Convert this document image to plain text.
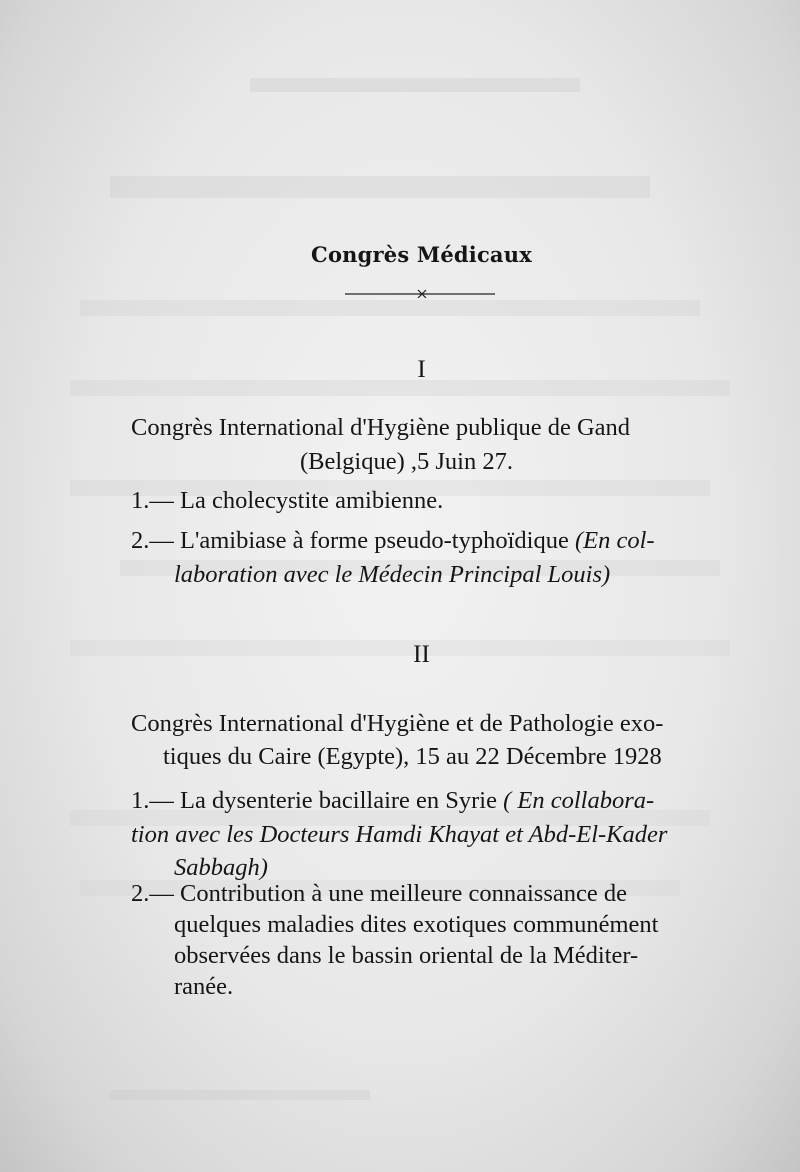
Congrès Médicaux
I
Congrès International d'Hygiène publique de Gand
(Belgique) ,5 Juin 27.
1.— La cholecystite amibienne.
2.— L'amibiase à forme pseudo-typhoïdique (En col-
laboration avec le Médecin Principal Louis)
II
Congrès International d'Hygiène et de Pathologie exo-
tiques du Caire (Egypte), 15 au 22 Décembre 1928
1.— La dysenterie bacillaire en Syrie ( En collabora-
tion avec les Docteurs Hamdi Khayat et Abd-El-Kader
Sabbagh)
2.— Contribution à une meilleure connaissance de
quelques maladies dites exotiques communément
observées dans le bassin oriental de la Méditer-
ranée.
